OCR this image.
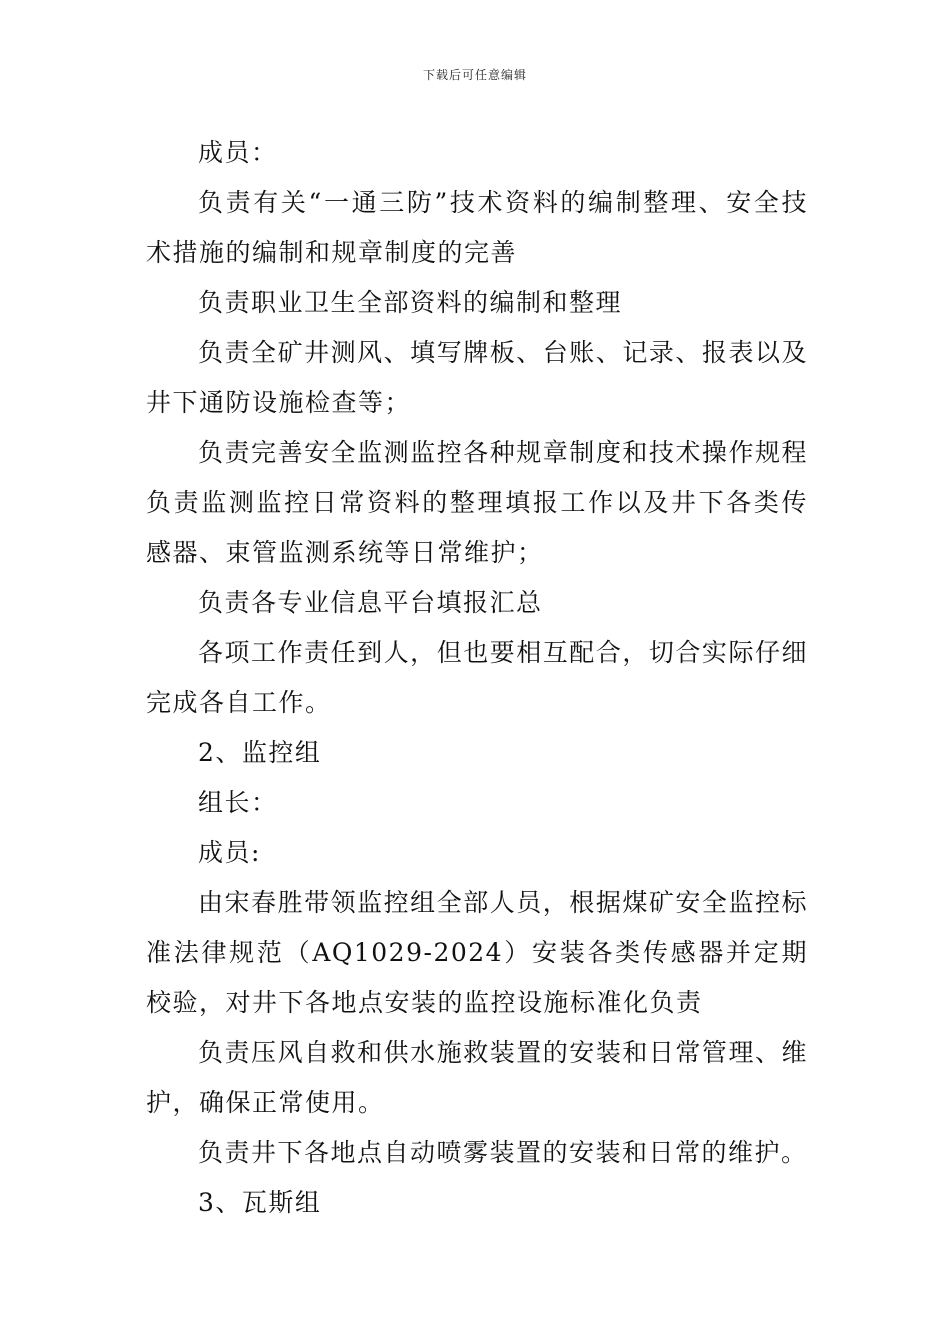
下载后可任意编辑

成员：

负责有关“一通三防”技术资料的编制整理、安全技术措施的编制和规章制度的完善

负责职业卫生全部资料的编制和整理

负责全矿井测风、填写牌板、台账、记录、报表以及井下通防设施检查等；

负责完善安全监测监控各种规章制度和技术操作规程负责监测监控日常资料的整理填报工作以及井下各类传感器、束管监测系统等日常维护；

负责各专业信息平台填报汇总

各项工作责任到人，但也要相互配合，切合实际仔细完成各自工作。

2、监控组

组长：

成员:

由宋春胜带领监控组全部人员，根据煤矿安全监控标准法律规范（AQ1029-2024）安装各类传感器并定期校验，对井下各地点安装的监控设施标准化负责

负责压风自救和供水施救装置的安装和日常管理、维护，确保正常使用。

负责井下各地点自动喷雾装置的安装和日常的维护。

3、瓦斯组
